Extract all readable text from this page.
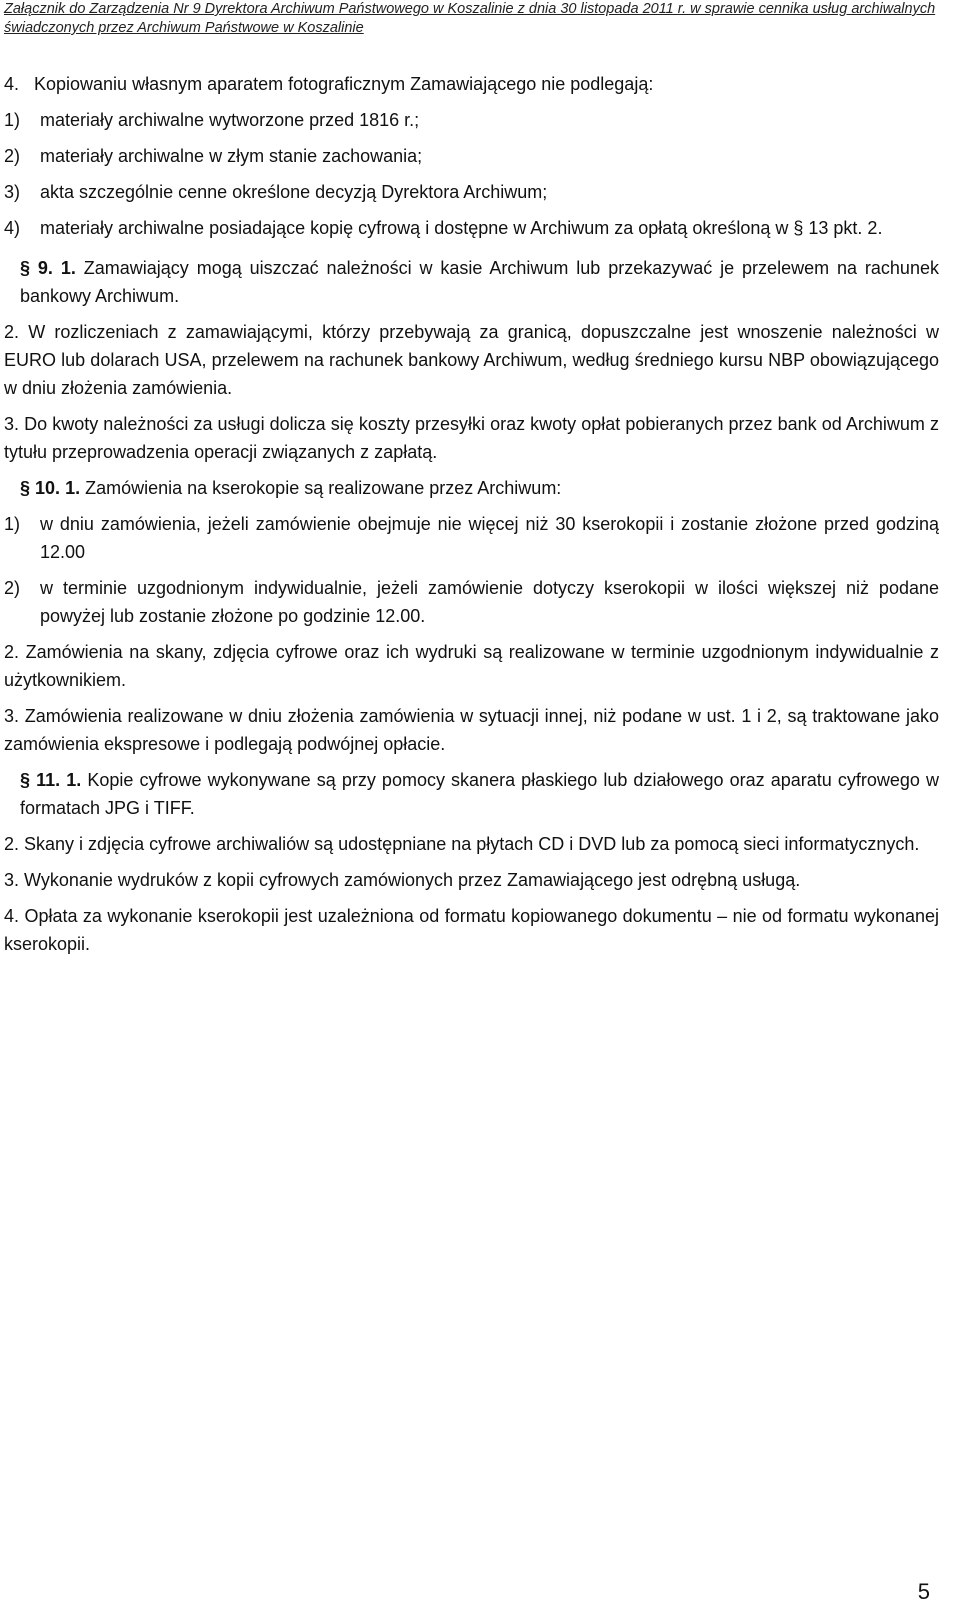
Załącznik do Zarządzenia Nr 9 Dyrektora Archiwum Państwowego w Koszalinie z dnia 30 listopada 2011 r. w sprawie cennika usług archiwalnych
świadczonych przez Archiwum Państwowe w Koszalinie
4. Kopiowaniu własnym aparatem fotograficznym Zamawiającego nie podlegają:
1) materiały archiwalne wytworzone przed 1816 r.;
2) materiały archiwalne w złym stanie zachowania;
3) akta szczególnie cenne określone decyzją Dyrektora Archiwum;
4) materiały archiwalne posiadające kopię cyfrową i dostępne w Archiwum za opłatą określoną w § 13 pkt. 2.

§ 9. 1. Zamawiający mogą uiszczać należności w kasie Archiwum lub przekazywać je przelewem na rachunek bankowy Archiwum.

2. W rozliczeniach z zamawiającymi, którzy przebywają za granicą, dopuszczalne jest wnoszenie należności w EURO lub dolarach USA, przelewem na rachunek bankowy Archiwum, według średniego kursu NBP obowiązującego w dniu złożenia zamówienia.

3. Do kwoty należności za usługi dolicza się koszty przesyłki oraz kwoty opłat pobieranych przez bank od Archiwum z tytułu przeprowadzenia operacji związanych z zapłatą.

§ 10. 1. Zamówienia na kserokopie są realizowane przez Archiwum:

1) w dniu zamówienia, jeżeli zamówienie obejmuje nie więcej niż 30 kserokopii i zostanie złożone przed godziną 12.00
2) w terminie uzgodnionym indywidualnie, jeżeli zamówienie dotyczy kserokopii w ilości większej niż podane powyżej lub zostanie złożone po godzinie 12.00.

2. Zamówienia na skany, zdjęcia cyfrowe oraz ich wydruki są realizowane w terminie uzgodnionym indywidualnie z użytkownikiem.

3. Zamówienia realizowane w dniu złożenia zamówienia w sytuacji innej, niż podane w ust. 1 i 2, są traktowane jako zamówienia ekspresowe i podlegają podwójnej opłacie.

§ 11. 1. Kopie cyfrowe wykonywane są przy pomocy skanera płaskiego lub działowego oraz aparatu cyfrowego w formatach JPG i TIFF.

2. Skany i zdjęcia cyfrowe archiwaliów są udostępniane na płytach CD i DVD lub za pomocą sieci informatycznych.

3. Wykonanie wydruków z kopii cyfrowych zamówionych przez Zamawiającego jest odrębną usługą.

4. Opłata za wykonanie kserokopii jest uzależniona od formatu kopiowanego dokumentu – nie od formatu wykonanej kserokopii.

5
